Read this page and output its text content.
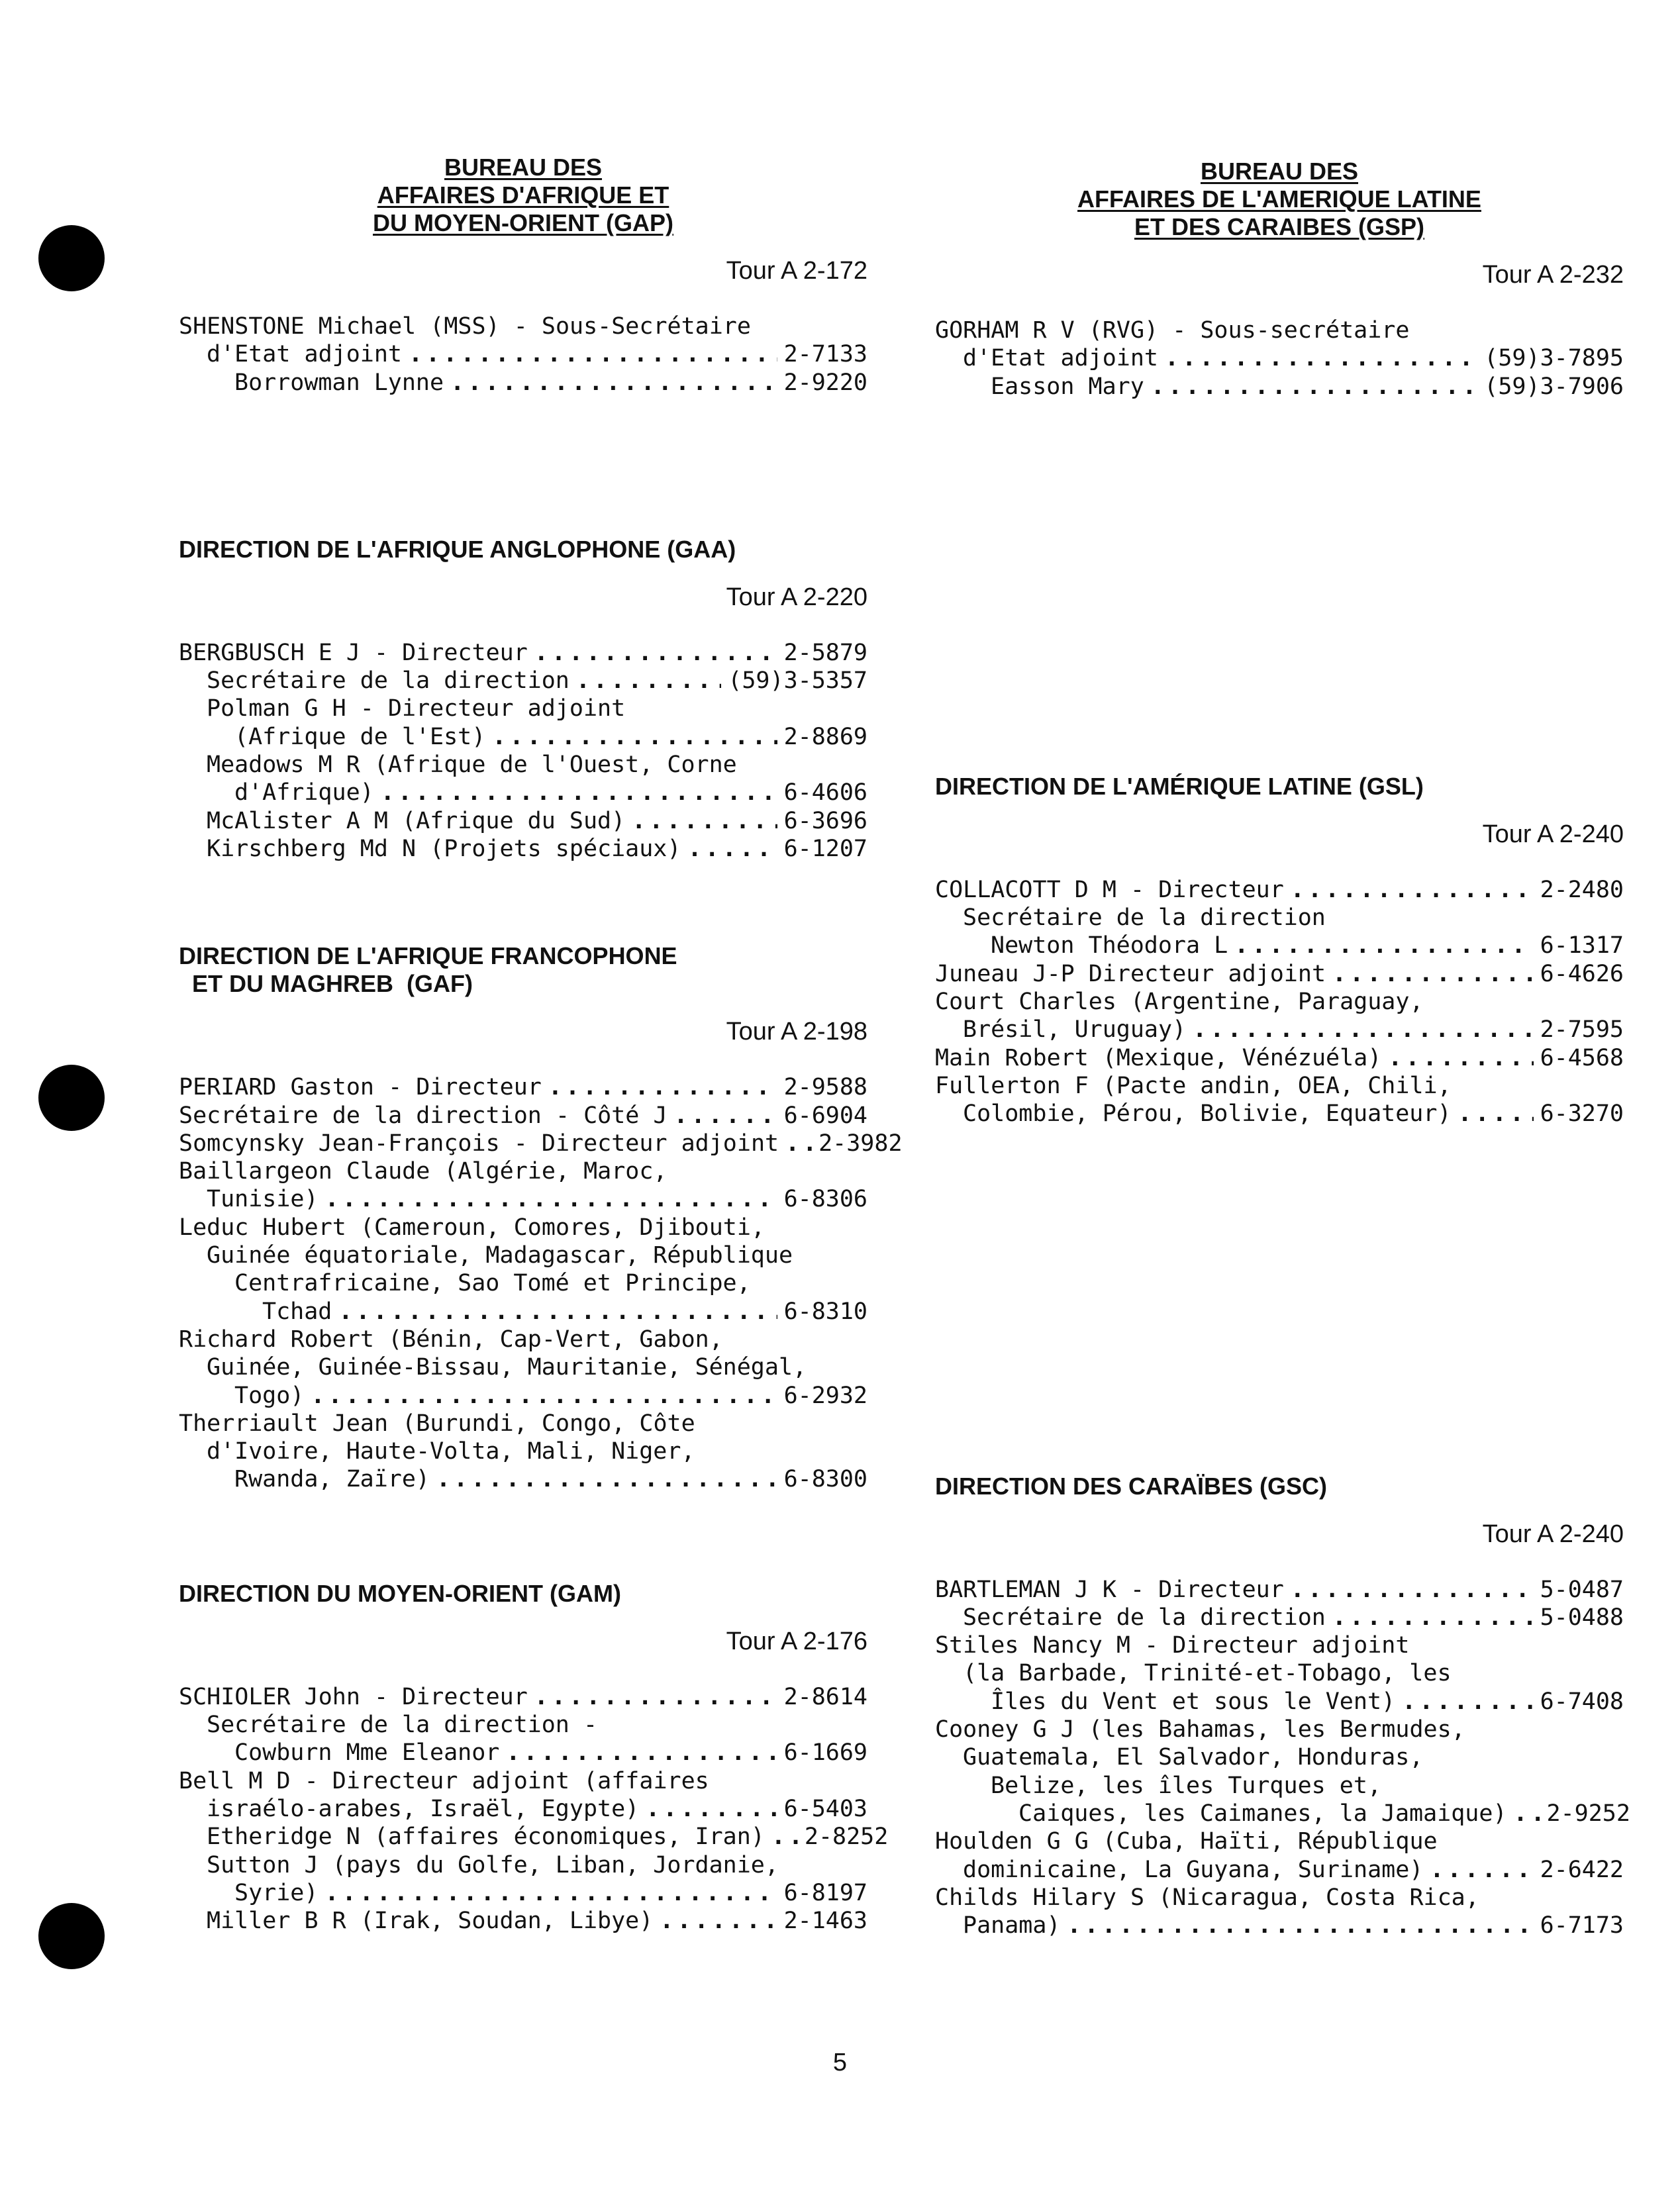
BUREAU DES
AFFAIRES D'AFRIQUE ET
DU MOYEN-ORIENT (GAP)
Tour A 2-172
SHENSTONE Michael (MSS) - Sous-Secrétaire
d'Etat adjoint . . .	2-7133
Borrowman Lynne . . .	2-9220
DIRECTION DE L'AFRIQUE ANGLOPHONE (GAA)
Tour A 2-220
BERGBUSCH E J - Directeur . . .	2-5879
Secrétaire de la direction . . .	(59)3-5357
Polman G H - Directeur adjoint
(Afrique de l'Est) . . .	2-8869
Meadows M R (Afrique de l'Ouest, Corne
d'Afrique) . . .	6-4606
McAlister A M (Afrique du Sud) . . .	6-3696
Kirschberg Md N (Projets spéciaux) . . .	6-1207
DIRECTION DE L'AFRIQUE FRANCOPHONE
ET DU MAGHREB  (GAF)
Tour A 2-198
PERIARD Gaston - Directeur . . .	2-9588
Secrétaire de la direction - Côté J . . .	6-6904
Somcynsky Jean-François - Directeur adjoint . . . 2-3982
Baillargeon Claude (Algérie, Maroc,
Tunisie) . . .	6-8306
Leduc Hubert (Cameroun, Comores, Djibouti,
Guinée équatoriale, Madagascar, République
Centrafricaine, Sao Tomé et Principe,
Tchad . . .	6-8310
Richard Robert (Bénin, Cap-Vert, Gabon,
Guinée, Guinée-Bissau, Mauritanie, Sénégal,
Togo) . . .	6-2932
Therriault Jean (Burundi, Congo, Côte
d'Ivoire, Haute-Volta, Mali, Niger,
Rwanda, Zaïre) . . .	6-8300
DIRECTION DU MOYEN-ORIENT (GAM)
Tour A 2-176
SCHIOLER John - Directeur . . .	2-8614
Secrétaire de la direction -
Cowburn Mme Eleanor . . .	6-1669
Bell M D - Directeur adjoint (affaires
israélo-arabes, Israël, Egypte) . . .	6-5403
Etheridge N (affaires économiques, Iran) . . . 2-8252
Sutton J (pays du Golfe, Liban, Jordanie,
Syrie) . . .	6-8197
Miller B R (Irak, Soudan, Libye) . . .	2-1463
BUREAU DES
AFFAIRES DE L'AMERIQUE LATINE
ET DES CARAIBES (GSP)
Tour A 2-232
GORHAM R V (RVG) - Sous-secrétaire
d'Etat adjoint . . .	(59)3-7895
Easson Mary . . .	(59)3-7906
DIRECTION DE L'AMÉRIQUE LATINE (GSL)
Tour A 2-240
COLLACOTT D M - Directeur . . .	2-2480
Secrétaire de la direction
Newton Théodora L . . .	6-1317
Juneau J-P Directeur adjoint . . .	6-4626
Court Charles (Argentine, Paraguay,
Brésil, Uruguay) . . .	2-7595
Main Robert (Mexique, Vénézuéla) . . .	6-4568
Fullerton F (Pacte andin, OEA, Chili,
Colombie, Pérou, Bolivie, Equateur) . . .	6-3270
DIRECTION DES CARAÏBES (GSC)
Tour A 2-240
BARTLEMAN J K - Directeur . . .	5-0487
Secrétaire de la direction . . .	5-0488
Stiles Nancy M - Directeur adjoint
(la Barbade, Trinité-et-Tobago, les
Îles du Vent et sous le Vent) . . .	6-7408
Cooney G J (les Bahamas, les Bermudes,
Guatemala, El Salvador, Honduras,
Belize, les îles Turques et,
Caiques, les Caimanes, la Jamaique) . . . 2-9252
Houlden G G (Cuba, Haïti, République
dominicaine, La Guyana, Suriname) . . .	2-6422
Childs Hilary S (Nicaragua, Costa Rica,
Panama) . . .	6-7173
5
